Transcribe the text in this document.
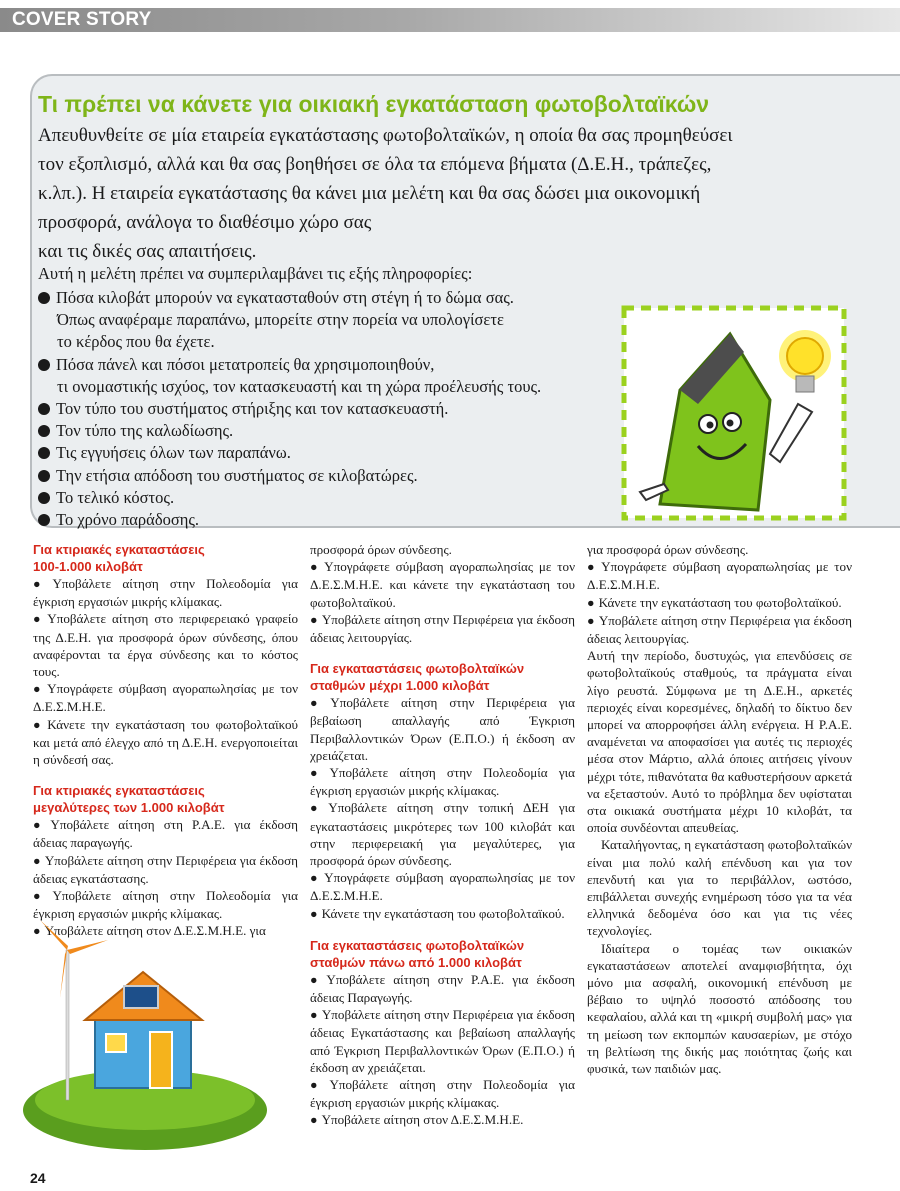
COVER STORY
Τι πρέπει να κάνετε για οικιακή εγκατάσταση φωτοβολταϊκών

Απευθυνθείτε σε μία εταιρεία εγκατάστασης φωτοβολταϊκών, η οποία θα σας προμηθεύσει
τον εξοπλισμό, αλλά και θα σας βοηθήσει σε όλα τα επόμενα βήματα (Δ.Ε.Η., τράπεζες,
κ.λπ.). Η εταιρεία εγκατάστασης θα κάνει μια μελέτη και θα σας δώσει μια οικονομική
προσφορά, ανάλογα το διαθέσιμο χώρο σας
και τις δικές σας απαιτήσεις.

Αυτή η μελέτη πρέπει να συμπεριλαμβάνει τις εξής πληροφορίες:
Πόσα κιλοβάτ μπορούν να εγκατασταθούν στη στέγη ή το δώμα σας.
Όπως αναφέραμε παραπάνω, μπορείτε στην πορεία να υπολογίσετε
το κέρδος που θα έχετε.
Πόσα πάνελ και πόσοι μετατροπείς θα χρησιμοποιηθούν,
τι ονομαστικής ισχύος, τον κατασκευαστή και τη χώρα προέλευσής τους.
Τον τύπο του συστήματος στήριξης και τον κατασκευαστή.
Τον τύπο της καλωδίωσης.
Τις εγγυήσεις όλων των παραπάνω.
Την ετήσια απόδοση του συστήματος σε κιλοβατώρες.
Το τελικό κόστος.
Το χρόνο παράδοσης.

Για κτιριακές εγκαταστάσεις
100-1.000 κιλοβάτ

● Υποβάλετε αίτηση στην Πολεοδομία για έγκριση εργασιών μικρής κλίμακας.

● Υποβάλετε αίτηση στο περιφερειακό γραφείο της Δ.Ε.Η. για προσφορά όρων σύνδεσης, όπου αναφέρονται τα έργα σύνδεσης και το κόστος τους.

● Υπογράφετε σύμβαση αγοραπωλησίας με τον Δ.Ε.Σ.Μ.Η.Ε.

● Κάνετε την εγκατάσταση του φωτοβολταϊκού και μετά από έλεγχο από τη Δ.Ε.Η. ενεργοποιείται η σύνδεσή σας.

Για κτιριακές εγκαταστάσεις
μεγαλύτερες των 1.000 κιλοβάτ

● Υποβάλετε αίτηση στη Ρ.Α.Ε. για έκδοση άδειας παραγωγής.

● Υποβάλετε αίτηση στην Περιφέρεια για έκδοση άδειας εγκατάστασης.

● Υποβάλετε αίτηση στην Πολεοδομία για έγκριση εργασιών μικρής κλίμακας.

● Υποβάλετε αίτηση στον Δ.Ε.Σ.Μ.Η.Ε. για

προσφορά όρων σύνδεσης.

● Υπογράφετε σύμβαση αγοραπωλησίας με τον Δ.Ε.Σ.Μ.Η.Ε. και κάνετε την εγκατάσταση του φωτοβολταϊκού.

● Υποβάλετε αίτηση στην Περιφέρεια για έκδοση άδειας λειτουργίας.

Για εγκαταστάσεις φωτοβολταϊκών
σταθμών μέχρι 1.000 κιλοβάτ

● Υποβάλετε αίτηση στην Περιφέρεια για βεβαίωση απαλλαγής από Έγκριση Περιβαλλοντικών Όρων (Ε.Π.Ο.) ή έκδοση αν χρειάζεται.

● Υποβάλετε αίτηση στην Πολεοδομία για έγκριση εργασιών μικρής κλίμακας.

● Υποβάλετε αίτηση στην τοπική ΔΕΗ για εγκαταστάσεις μικρότερες των 100 κιλοβάτ και στην περιφερειακή για μεγαλύτερες, για προσφορά όρων σύνδεσης.

● Υπογράφετε σύμβαση αγοραπωλησίας με τον Δ.Ε.Σ.Μ.Η.Ε.

● Κάνετε την εγκατάσταση του φωτοβολταϊκού.

Για εγκαταστάσεις φωτοβολταϊκών
σταθμών πάνω από 1.000 κιλοβάτ

● Υποβάλετε αίτηση στην Ρ.Α.Ε. για έκδοση άδειας Παραγωγής.

● Υποβάλετε αίτηση στην Περιφέρεια για έκδοση άδειας Εγκατάστασης και βεβαίωση απαλλαγής από Έγκριση Περιβαλλοντικών Όρων (Ε.Π.Ο.) ή έκδοση αν χρειάζεται.

● Υποβάλετε αίτηση στην Πολεοδομία για έγκριση εργασιών μικρής κλίμακας.

● Υποβάλετε αίτηση στον Δ.Ε.Σ.Μ.Η.Ε.

για προσφορά όρων σύνδεσης.

● Υπογράφετε σύμβαση αγοραπωλησίας με τον Δ.Ε.Σ.Μ.Η.Ε.

● Κάνετε την εγκατάσταση του φωτοβολταϊκού.

● Υποβάλετε αίτηση στην Περιφέρεια για έκδοση άδειας λειτουργίας.

Αυτή την περίοδο, δυστυχώς, για επενδύσεις σε φωτοβολταϊκούς σταθμούς, τα πράγματα είναι λίγο ρευστά. Σύμφωνα με τη Δ.Ε.Η., αρκετές περιοχές είναι κορεσμένες, δηλαδή το δίκτυο δεν μπορεί να απορροφήσει άλλη ενέργεια. Η Ρ.Α.Ε. αναμένεται να αποφασίσει για αυτές τις περιοχές μέσα στον Μάρτιο, αλλά όποιες αιτήσεις γίνουν μέχρι τότε, πιθανότατα θα καθυστερήσουν αρκετά να εξεταστούν. Αυτό το πρόβλημα δεν υφίσταται στα οικιακά συστήματα μέχρι 10 κιλοβάτ, τα οποία συνδέονται απευθείας.

Καταλήγοντας, η εγκατάσταση φωτοβολταϊκών είναι μια πολύ καλή επένδυση και για τον επενδυτή και για το περιβάλλον, ωστόσο, επιβάλλεται συνεχής ενημέρωση τόσο για τα νέα ελληνικά δεδομένα όσο και για τις νέες τεχνολογίες.

Ιδιαίτερα ο τομέας των οικιακών εγκαταστάσεων αποτελεί αναμφισβήτητα, όχι μόνο μια ασφαλή, οικονομική επένδυση με βέβαιο το υψηλό ποσοστό απόδοσης του κεφαλαίου, αλλά και τη «μικρή συμβολή μας» για τη μείωση των εκπομπών καυσαερίων, με στόχο τη βελτίωση της δικής μας ποιότητας ζωής και φυσικά, των παιδιών μας.

24
